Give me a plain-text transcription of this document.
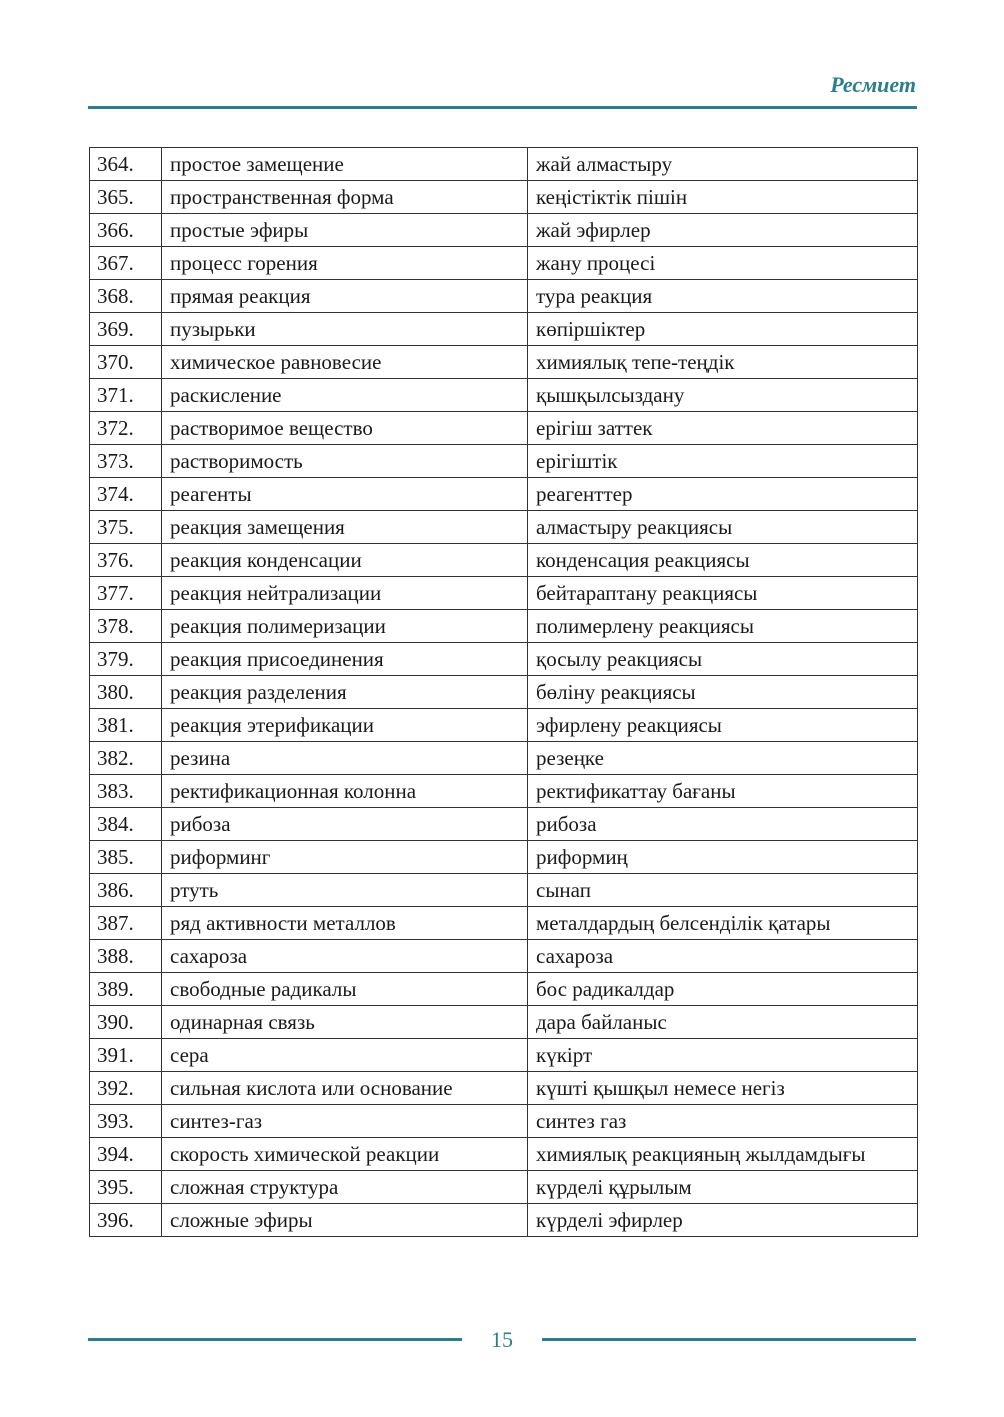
Ресмиет
364.	простое замещение	жай алмастыру
365.	пространственная форма	кеңістіктік пішін
366.	простые эфиры	жай эфирлер
367.	процесс горения	жану процесі
368.	прямая реакция	тура реакция
369.	пузырьки	көпіршіктер
370.	химическое равновесие	химиялық тепе-теңдік
371.	раскисление	қышқылсыздану
372.	растворимое вещество	ерігіш заттек
373.	растворимость	ерігіштік
374.	реагенты	реагенттер
375.	реакция замещения	алмастыру реакциясы
376.	реакция конденсации	конденсация реакциясы
377.	реакция нейтрализации	бейтараптану реакциясы
378.	реакция полимеризации	полимерлену реакциясы
379.	реакция присоединения	қосылу реакциясы
380.	реакция разделения	бөліну реакциясы
381.	реакция этерификации	эфирлену реакциясы
382.	резина	резеңке
383.	ректификационная колонна	ректификаттау бағаны
384.	рибоза	рибоза
385.	риформинг	риформиң
386.	ртуть	сынап
387.	ряд активности металлов	металдардың белсенділік қатары
388.	сахароза	сахароза
389.	свободные радикалы	бос радикалдар
390.	одинарная связь	дара байланыс
391.	сера	күкірт
392.	сильная кислота или основание	күшті қышқыл немесе негіз
393.	синтез-газ	синтез газ
394.	скорость химической реакции	химиялық реакцияның жылдамдығы
395.	сложная структура	күрделі құрылым
396.	сложные эфиры	күрделі эфирлер
15
